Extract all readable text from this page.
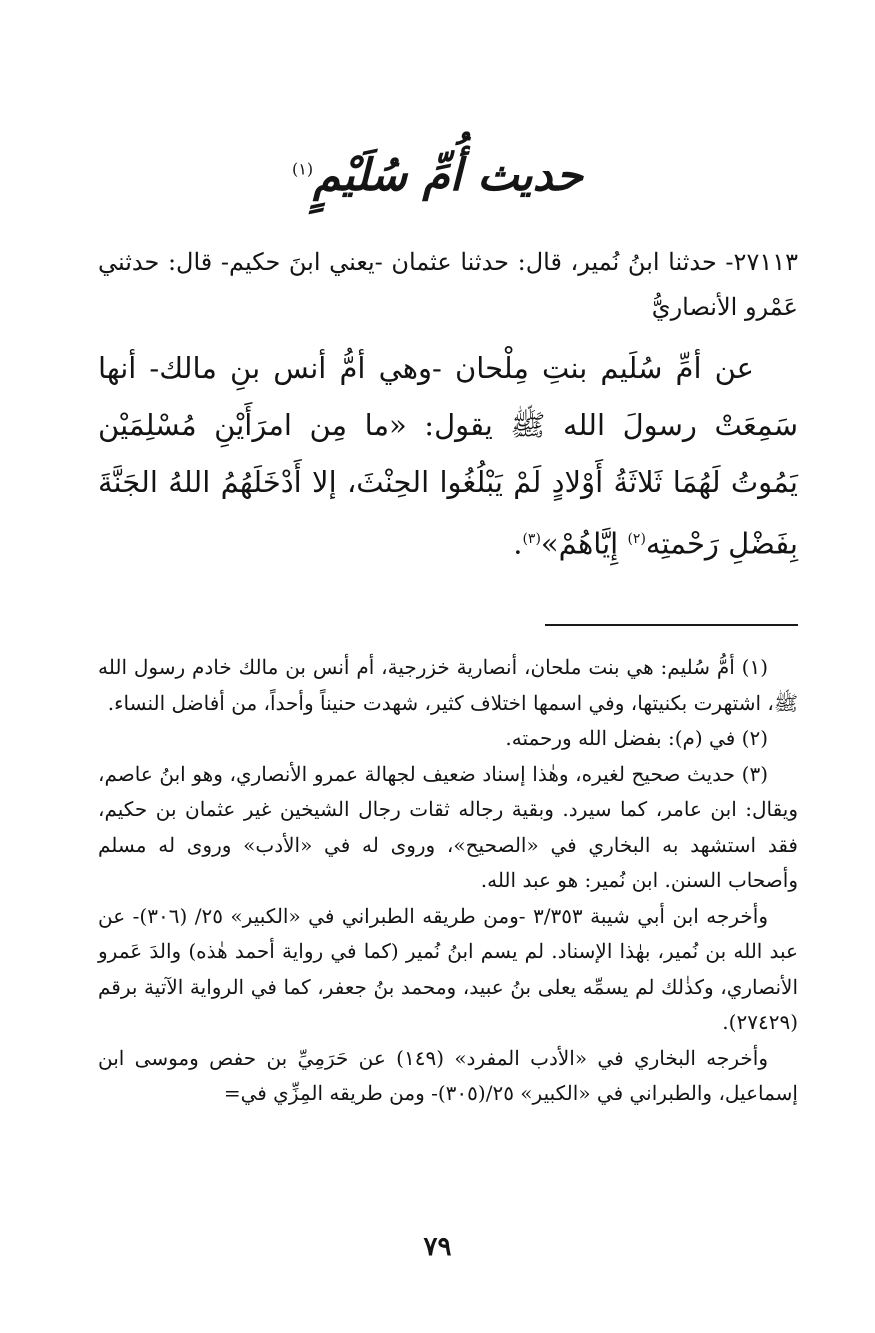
حديث أُمِّ سُلَيْمٍ$^{(١)}$
٢٧١١٣- حدثنا ابنُ نُمير، قال: حدثنا عثمان -يعني ابنَ حكيم- قال: حدثني عَمْرو الأنصاريُّ

عن أمِّ سُلَيم بنتِ مِلْحان -وهي أمُّ أنس بنِ مالك- أنها سَمِعَتْ رسولَ الله ﷺ يقول: «ما مِن امرَأَيْنِ مُسْلِمَيْن يَمُوتُ لَهُمَا ثَلاثَةُ أَوْلادٍ لَمْ يَبْلُغُوا الحِنْثَ، إلا أَدْخَلَهُمُ اللهُ الجَنَّةَ بِفَضْلِ رَحْمتِه$^{(٢)}$ إِيَّاهُمْ»$^{(٣)}$.

(١) أمُّ سُليم: هي بنت ملحان، أنصارية خزرجية، أم أنس بن مالك خادم رسول الله ﷺ، اشتهرت بكنيتها، وفي اسمها اختلاف كثير، شهدت حنيناً وأحداً، من أفاضل النساء.

(٢) في (م): بفضل الله ورحمته.

(٣) حديث صحيح لغيره، وهٰذا إسناد ضعيف لجهالة عمرو الأنصاري، وهو ابنُ عاصم، ويقال: ابن عامر، كما سيرد. وبقية رجاله ثقات رجال الشيخين غير عثمان بن حكيم، فقد استشهد به البخاري في «الصحيح»، وروى له في «الأدب» وروى له مسلم وأصحاب السنن. ابن نُمير: هو عبد الله.

وأخرجه ابن أبي شيبة ٣/٣٥٣ -ومن طريقه الطبراني في «الكبير» ٢٥/ (٣٠٦)- عن عبد الله بن نُمير، بهٰذا الإسناد. لم يسم ابنُ نُمير (كما في رواية أحمد هٰذه) والدَ عَمرو الأنصاري، وكذٰلك لم يسمِّه يعلى بنُ عبيد، ومحمد بنُ جعفر، كما في الرواية الآتية برقم (٢٧٤٢٩).

وأخرجه البخاري في «الأدب المفرد» (١٤٩) عن حَرَمِيِّ بن حفص وموسى ابن إسماعيل، والطبراني في «الكبير» ٢٥/(٣٠٥)- ومن طريقه المِزِّي في=

٧٩
